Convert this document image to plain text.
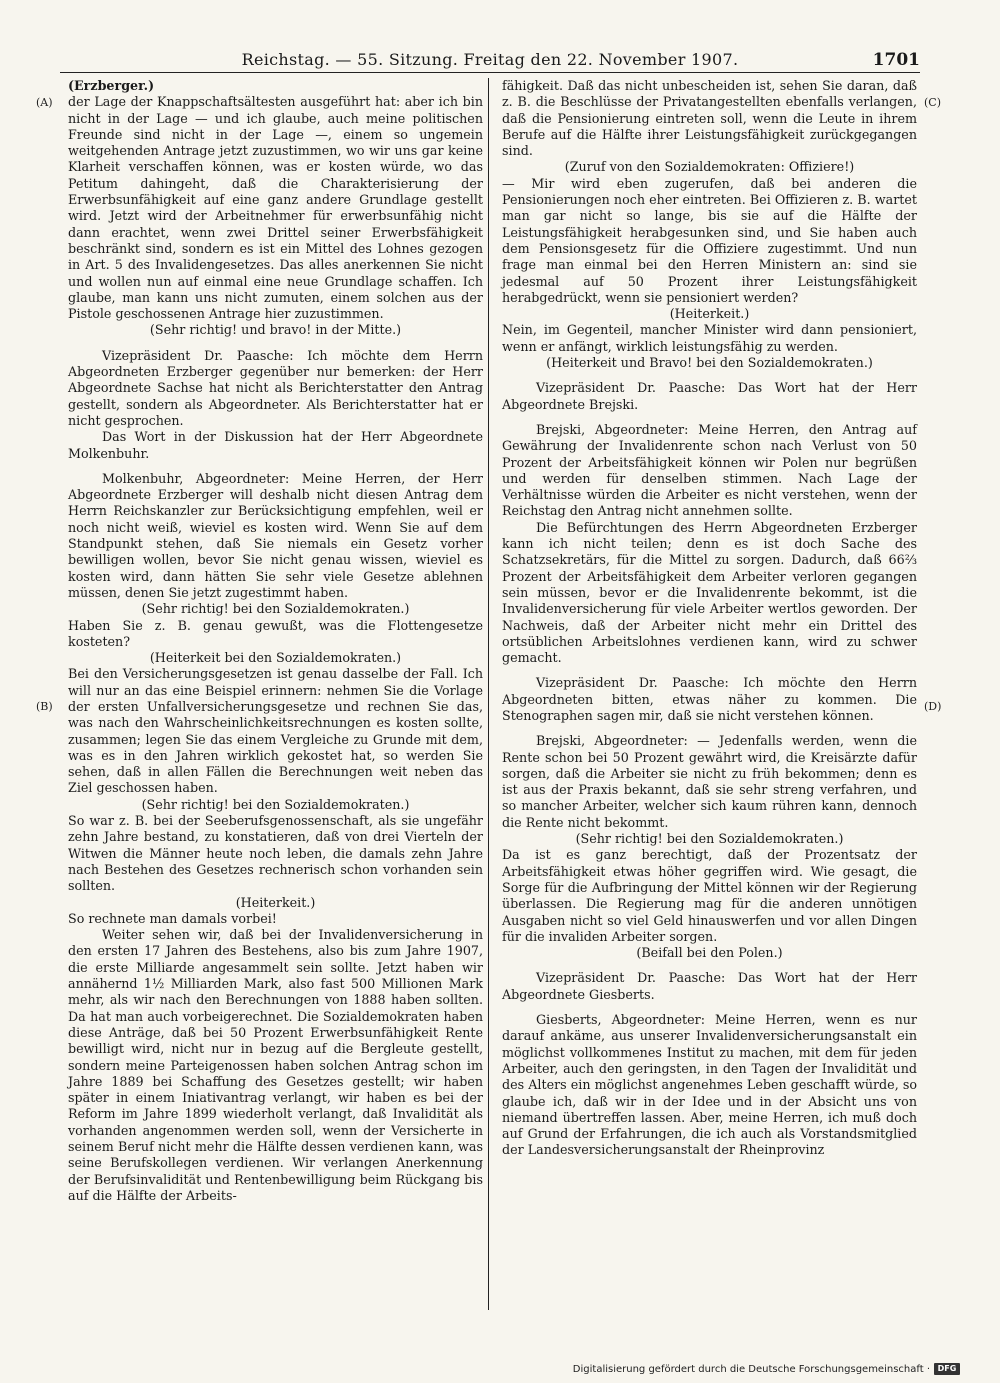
Reichstag. — 55. Sitzung. Freitag den 22. November 1907.	1701
(A)
(B)
(C)
(D)

(Erzberger.)

der Lage der Knappschaftsältesten ausgeführt hat: aber ich bin nicht in der Lage — und ich glaube, auch meine politischen Freunde sind nicht in der Lage —, einem so ungemein weitgehenden Antrage jetzt zuzustimmen, wo wir uns gar keine Klarheit verschaffen können, was er kosten würde, wo das Petitum dahingeht, daß die Charakterisierung der Erwerbsunfähigkeit auf eine ganz andere Grundlage gestellt wird. Jetzt wird der Arbeitnehmer für erwerbsunfähig nicht dann erachtet, wenn zwei Drittel seiner Erwerbsfähigkeit beschränkt sind, sondern es ist ein Mittel des Lohnes gezogen in Art. 5 des Invalidengesetzes. Das alles anerkennen Sie nicht und wollen nun auf einmal eine neue Grundlage schaffen. Ich glaube, man kann uns nicht zumuten, einem solchen aus der Pistole geschossenen Antrage hier zuzustimmen.

(Sehr richtig! und bravo! in der Mitte.)

Vizepräsident Dr. Paasche: Ich möchte dem Herrn Abgeordneten Erzberger gegenüber nur bemerken: der Herr Abgeordnete Sachse hat nicht als Berichterstatter den Antrag gestellt, sondern als Abgeordneter. Als Berichterstatter hat er nicht gesprochen.

Das Wort in der Diskussion hat der Herr Abgeordnete Molkenbuhr.

Molkenbuhr, Abgeordneter: Meine Herren, der Herr Abgeordnete Erzberger will deshalb nicht diesen Antrag dem Herrn Reichskanzler zur Berücksichtigung empfehlen, weil er noch nicht weiß, wieviel es kosten wird. Wenn Sie auf dem Standpunkt stehen, daß Sie niemals ein Gesetz vorher bewilligen wollen, bevor Sie nicht genau wissen, wieviel es kosten wird, dann hätten Sie sehr viele Gesetze ablehnen müssen, denen Sie jetzt zugestimmt haben.

(Sehr richtig! bei den Sozialdemokraten.)

Haben Sie z. B. genau gewußt, was die Flottengesetze kosteten?

(Heiterkeit bei den Sozialdemokraten.)

Bei den Versicherungsgesetzen ist genau dasselbe der Fall. Ich will nur an das eine Beispiel erinnern: nehmen Sie die Vorlage der ersten Unfallversicherungsgesetze und rechnen Sie das, was nach den Wahrscheinlichkeitsrechnungen es kosten sollte, zusammen; legen Sie das einem Vergleiche zu Grunde mit dem, was es in den Jahren wirklich gekostet hat, so werden Sie sehen, daß in allen Fällen die Berechnungen weit neben das Ziel geschossen haben.

(Sehr richtig! bei den Sozialdemokraten.)

So war z. B. bei der Seeberufsgenossenschaft, als sie ungefähr zehn Jahre bestand, zu konstatieren, daß von drei Vierteln der Witwen die Männer heute noch leben, die damals zehn Jahre nach Bestehen des Gesetzes rechnerisch schon vorhanden sein sollten.

(Heiterkeit.)

So rechnete man damals vorbei!

Weiter sehen wir, daß bei der Invalidenversicherung in den ersten 17 Jahren des Bestehens, also bis zum Jahre 1907, die erste Milliarde angesammelt sein sollte. Jetzt haben wir annähernd 1½ Milliarden Mark, also fast 500 Millionen Mark mehr, als wir nach den Berechnungen von 1888 haben sollten. Da hat man auch vorbeigerechnet. Die Sozialdemokraten haben diese Anträge, daß bei 50 Prozent Erwerbsunfähigkeit Rente bewilligt wird, nicht nur in bezug auf die Bergleute gestellt, sondern meine Parteigenossen haben solchen Antrag schon im Jahre 1889 bei Schaffung des Gesetzes gestellt; wir haben später in einem Iniativantrag verlangt, wir haben es bei der Reform im Jahre 1899 wiederholt verlangt, daß Invalidität als vorhanden angenommen werden soll, wenn der Versicherte in seinem Beruf nicht mehr die Hälfte dessen verdienen kann, was seine Berufskollegen verdienen. Wir verlangen Anerkennung der Berufsinvalidität und Rentenbewilligung beim Rückgang bis auf die Hälfte der Arbeits-

fähigkeit. Daß das nicht unbescheiden ist, sehen Sie daran, daß z. B. die Beschlüsse der Privatangestellten ebenfalls verlangen, daß die Pensionierung eintreten soll, wenn die Leute in ihrem Berufe auf die Hälfte ihrer Leistungsfähigkeit zurückgegangen sind.

(Zuruf von den Sozialdemokraten: Offiziere!)

— Mir wird eben zugerufen, daß bei anderen die Pensionierungen noch eher eintreten. Bei Offizieren z. B. wartet man gar nicht so lange, bis sie auf die Hälfte der Leistungsfähigkeit herabgesunken sind, und Sie haben auch dem Pensionsgesetz für die Offiziere zugestimmt. Und nun frage man einmal bei den Herren Ministern an: sind sie jedesmal auf 50 Prozent ihrer Leistungsfähigkeit herabgedrückt, wenn sie pensioniert werden?

(Heiterkeit.)

Nein, im Gegenteil, mancher Minister wird dann pensioniert, wenn er anfängt, wirklich leistungsfähig zu werden.

(Heiterkeit und Bravo! bei den Sozialdemokraten.)

Vizepräsident Dr. Paasche: Das Wort hat der Herr Abgeordnete Brejski.

Brejski, Abgeordneter: Meine Herren, den Antrag auf Gewährung der Invalidenrente schon nach Verlust von 50 Prozent der Arbeitsfähigkeit können wir Polen nur begrüßen und werden für denselben stimmen. Nach Lage der Verhältnisse würden die Arbeiter es nicht verstehen, wenn der Reichstag den Antrag nicht annehmen sollte.

Die Befürchtungen des Herrn Abgeordneten Erzberger kann ich nicht teilen; denn es ist doch Sache des Schatzsekretärs, für die Mittel zu sorgen. Dadurch, daß 66⅔ Prozent der Arbeitsfähigkeit dem Arbeiter verloren gegangen sein müssen, bevor er die Invalidenrente bekommt, ist die Invalidenversicherung für viele Arbeiter wertlos geworden. Der Nachweis, daß der Arbeiter nicht mehr ein Drittel des ortsüblichen Arbeitslohnes verdienen kann, wird zu schwer gemacht.

Vizepräsident Dr. Paasche: Ich möchte den Herrn Abgeordneten bitten, etwas näher zu kommen. Die Stenographen sagen mir, daß sie nicht verstehen können.

Brejski, Abgeordneter: — Jedenfalls werden, wenn die Rente schon bei 50 Prozent gewährt wird, die Kreisärzte dafür sorgen, daß die Arbeiter sie nicht zu früh bekommen; denn es ist aus der Praxis bekannt, daß sie sehr streng verfahren, und so mancher Arbeiter, welcher sich kaum rühren kann, dennoch die Rente nicht bekommt.

(Sehr richtig! bei den Sozialdemokraten.)

Da ist es ganz berechtigt, daß der Prozentsatz der Arbeitsfähigkeit etwas höher gegriffen wird. Wie gesagt, die Sorge für die Aufbringung der Mittel können wir der Regierung überlassen. Die Regierung mag für die anderen unnötigen Ausgaben nicht so viel Geld hinauswerfen und vor allen Dingen für die invaliden Arbeiter sorgen.

(Beifall bei den Polen.)

Vizepräsident Dr. Paasche: Das Wort hat der Herr Abgeordnete Giesberts.

Giesberts, Abgeordneter: Meine Herren, wenn es nur darauf ankäme, aus unserer Invalidenversicherungsanstalt ein möglichst vollkommenes Institut zu machen, mit dem für jeden Arbeiter, auch den geringsten, in den Tagen der Invalidität und des Alters ein möglichst angenehmes Leben geschafft würde, so glaube ich, daß wir in der Idee und in der Absicht uns von niemand übertreffen lassen. Aber, meine Herren, ich muß doch auf Grund der Erfahrungen, die ich auch als Vorstandsmitglied der Landesversicherungsanstalt der Rheinprovinz

Digitalisierung gefördert durch die Deutsche Forschungsgemeinschaft · DFG
